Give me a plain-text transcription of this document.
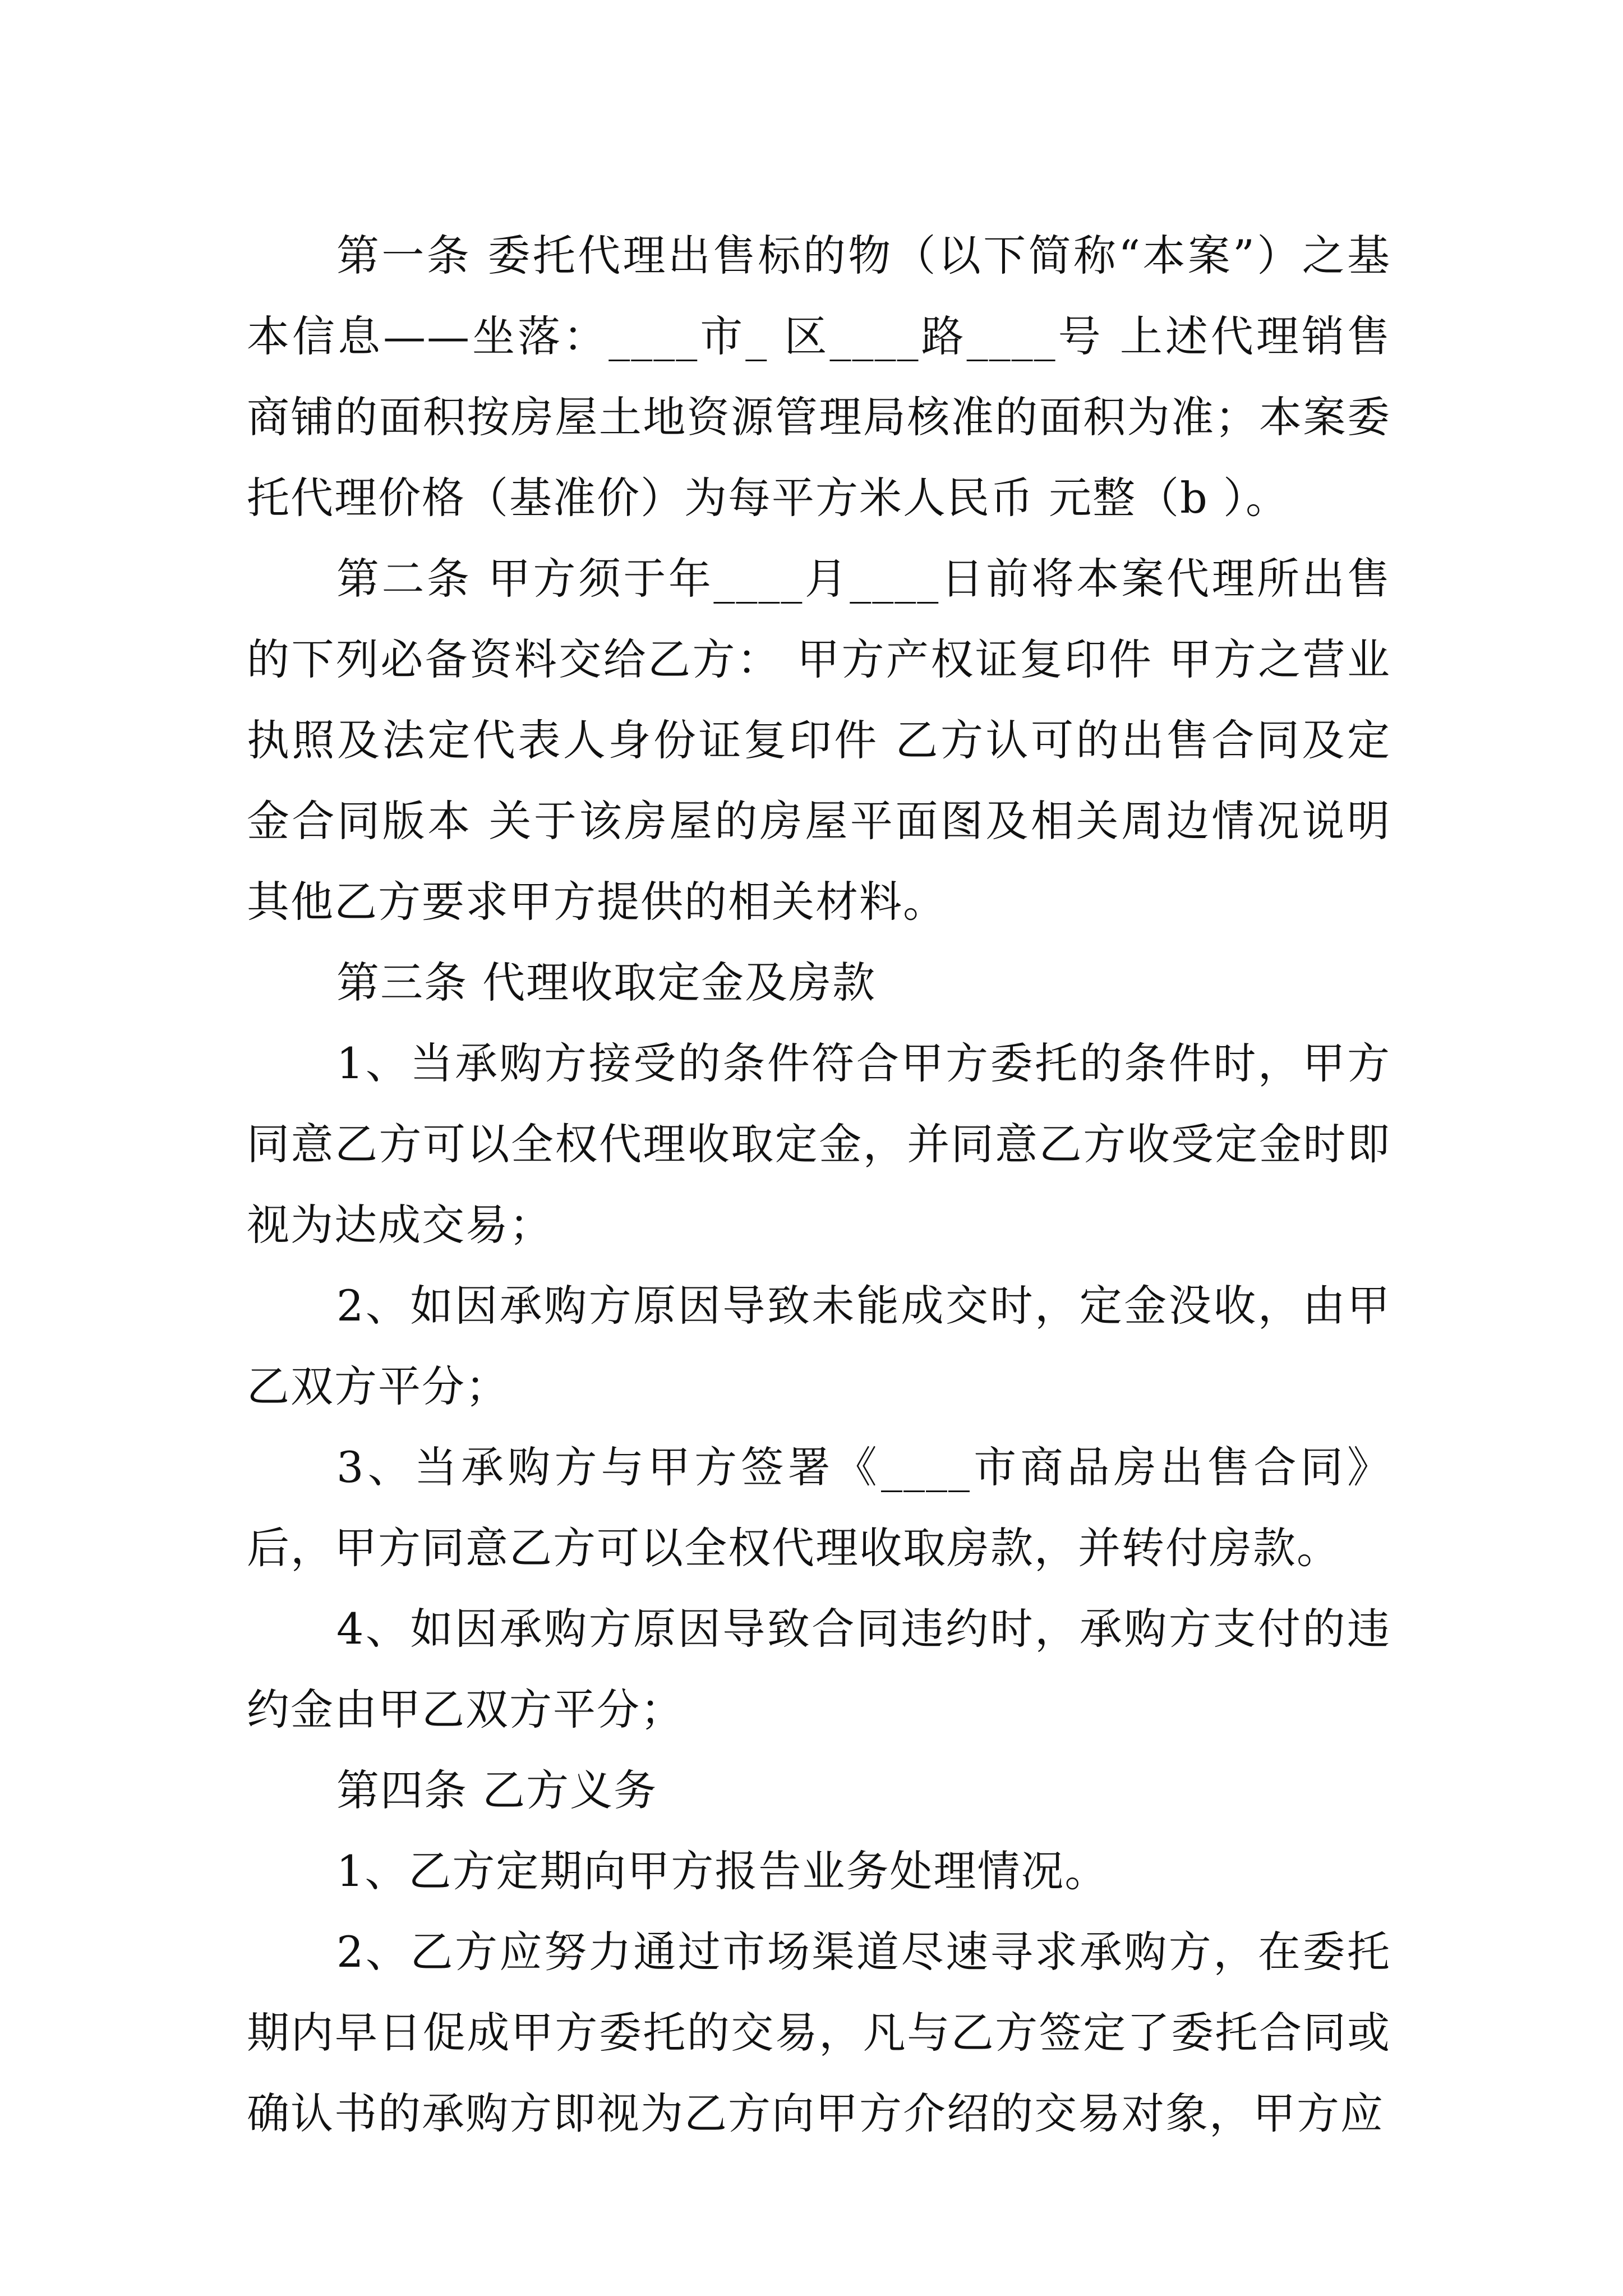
第一条 委托代理出售标的物（以下简称“本案”）之基本信息——坐落：____市_ 区____路____号 上述代理销售商铺的面积按房屋土地资源管理局核准的面积为准；本案委托代理价格（基准价）为每平方米人民币 元整（b ）。

第二条 甲方须于年____月____日前将本案代理所出售的下列必备资料交给乙方： 甲方产权证复印件 甲方之营业执照及法定代表人身份证复印件 乙方认可的出售合同及定金合同版本 关于该房屋的房屋平面图及相关周边情况说明 其他乙方要求甲方提供的相关材料。

第三条 代理收取定金及房款

1、当承购方接受的条件符合甲方委托的条件时，甲方同意乙方可以全权代理收取定金，并同意乙方收受定金时即视为达成交易；

2、如因承购方原因导致未能成交时，定金没收，由甲乙双方平分；

3、当承购方与甲方签署《____市商品房出售合同》后，甲方同意乙方可以全权代理收取房款，并转付房款。

4、如因承购方原因导致合同违约时，承购方支付的违约金由甲乙双方平分；

第四条 乙方义务

1、乙方定期向甲方报告业务处理情况。

2、乙方应努力通过市场渠道尽速寻求承购方，在委托期内早日促成甲方委托的交易，凡与乙方签定了委托合同或确认书的承购方即视为乙方向甲方介绍的交易对象，甲方应
